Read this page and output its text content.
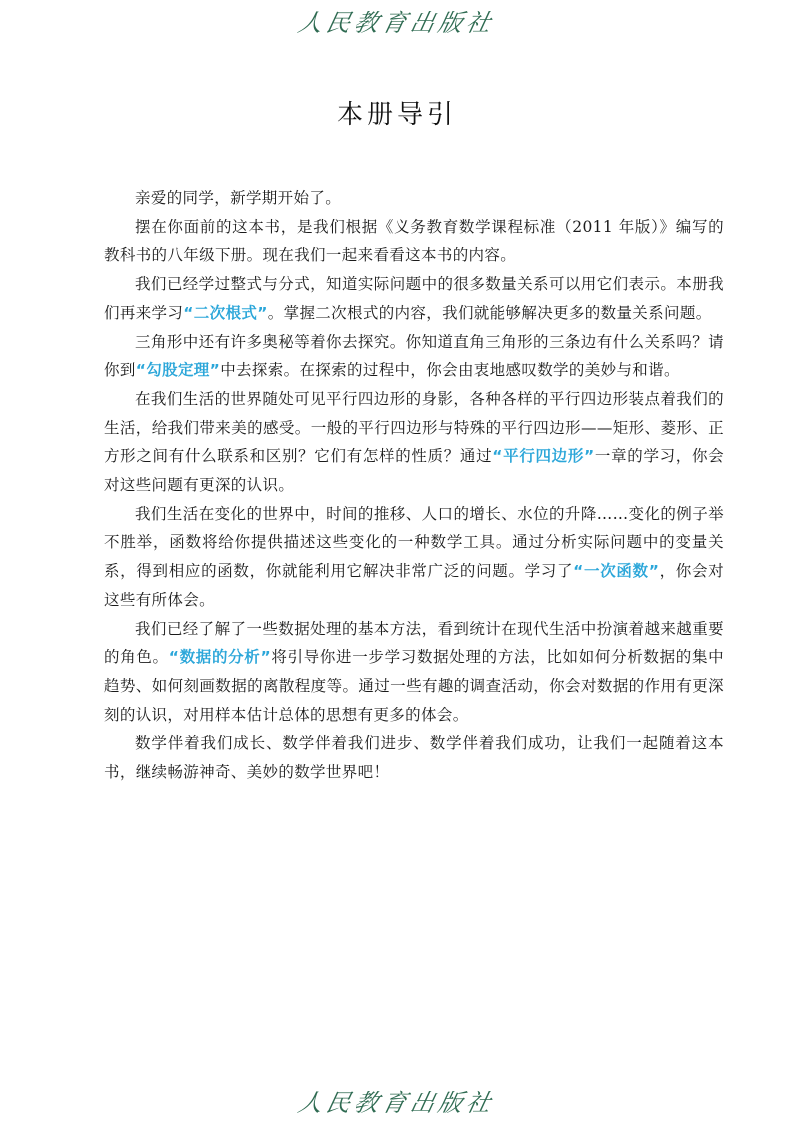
人民教育出版社
本册导引

亲爱的同学，新学期开始了。

摆在你面前的这本书，是我们根据《义务教育数学课程标准（2011 年版）》编写的教科书的八年级下册。现在我们一起来看看这本书的内容。

我们已经学过整式与分式，知道实际问题中的很多数量关系可以用它们表示。本册我们再来学习“二次根式”。掌握二次根式的内容，我们就能够解决更多的数量关系问题。

三角形中还有许多奥秘等着你去探究。你知道直角三角形的三条边有什么关系吗？请你到“勾股定理”中去探索。在探索的过程中，你会由衷地感叹数学的美妙与和谐。

在我们生活的世界随处可见平行四边形的身影，各种各样的平行四边形装点着我们的生活，给我们带来美的感受。一般的平行四边形与特殊的平行四边形——矩形、菱形、正方形之间有什么联系和区别？它们有怎样的性质？通过“平行四边形”一章的学习，你会对这些问题有更深的认识。

我们生活在变化的世界中，时间的推移、人口的增长、水位的升降……变化的例子举不胜举，函数将给你提供描述这些变化的一种数学工具。通过分析实际问题中的变量关系，得到相应的函数，你就能利用它解决非常广泛的问题。学习了“一次函数”，你会对这些有所体会。

我们已经了解了一些数据处理的基本方法，看到统计在现代生活中扮演着越来越重要的角色。“数据的分析”将引导你进一步学习数据处理的方法，比如如何分析数据的集中趋势、如何刻画数据的离散程度等。通过一些有趣的调查活动，你会对数据的作用有更深刻的认识，对用样本估计总体的思想有更多的体会。

数学伴着我们成长、数学伴着我们进步、数学伴着我们成功，让我们一起随着这本书，继续畅游神奇、美妙的数学世界吧！

人民教育出版社
